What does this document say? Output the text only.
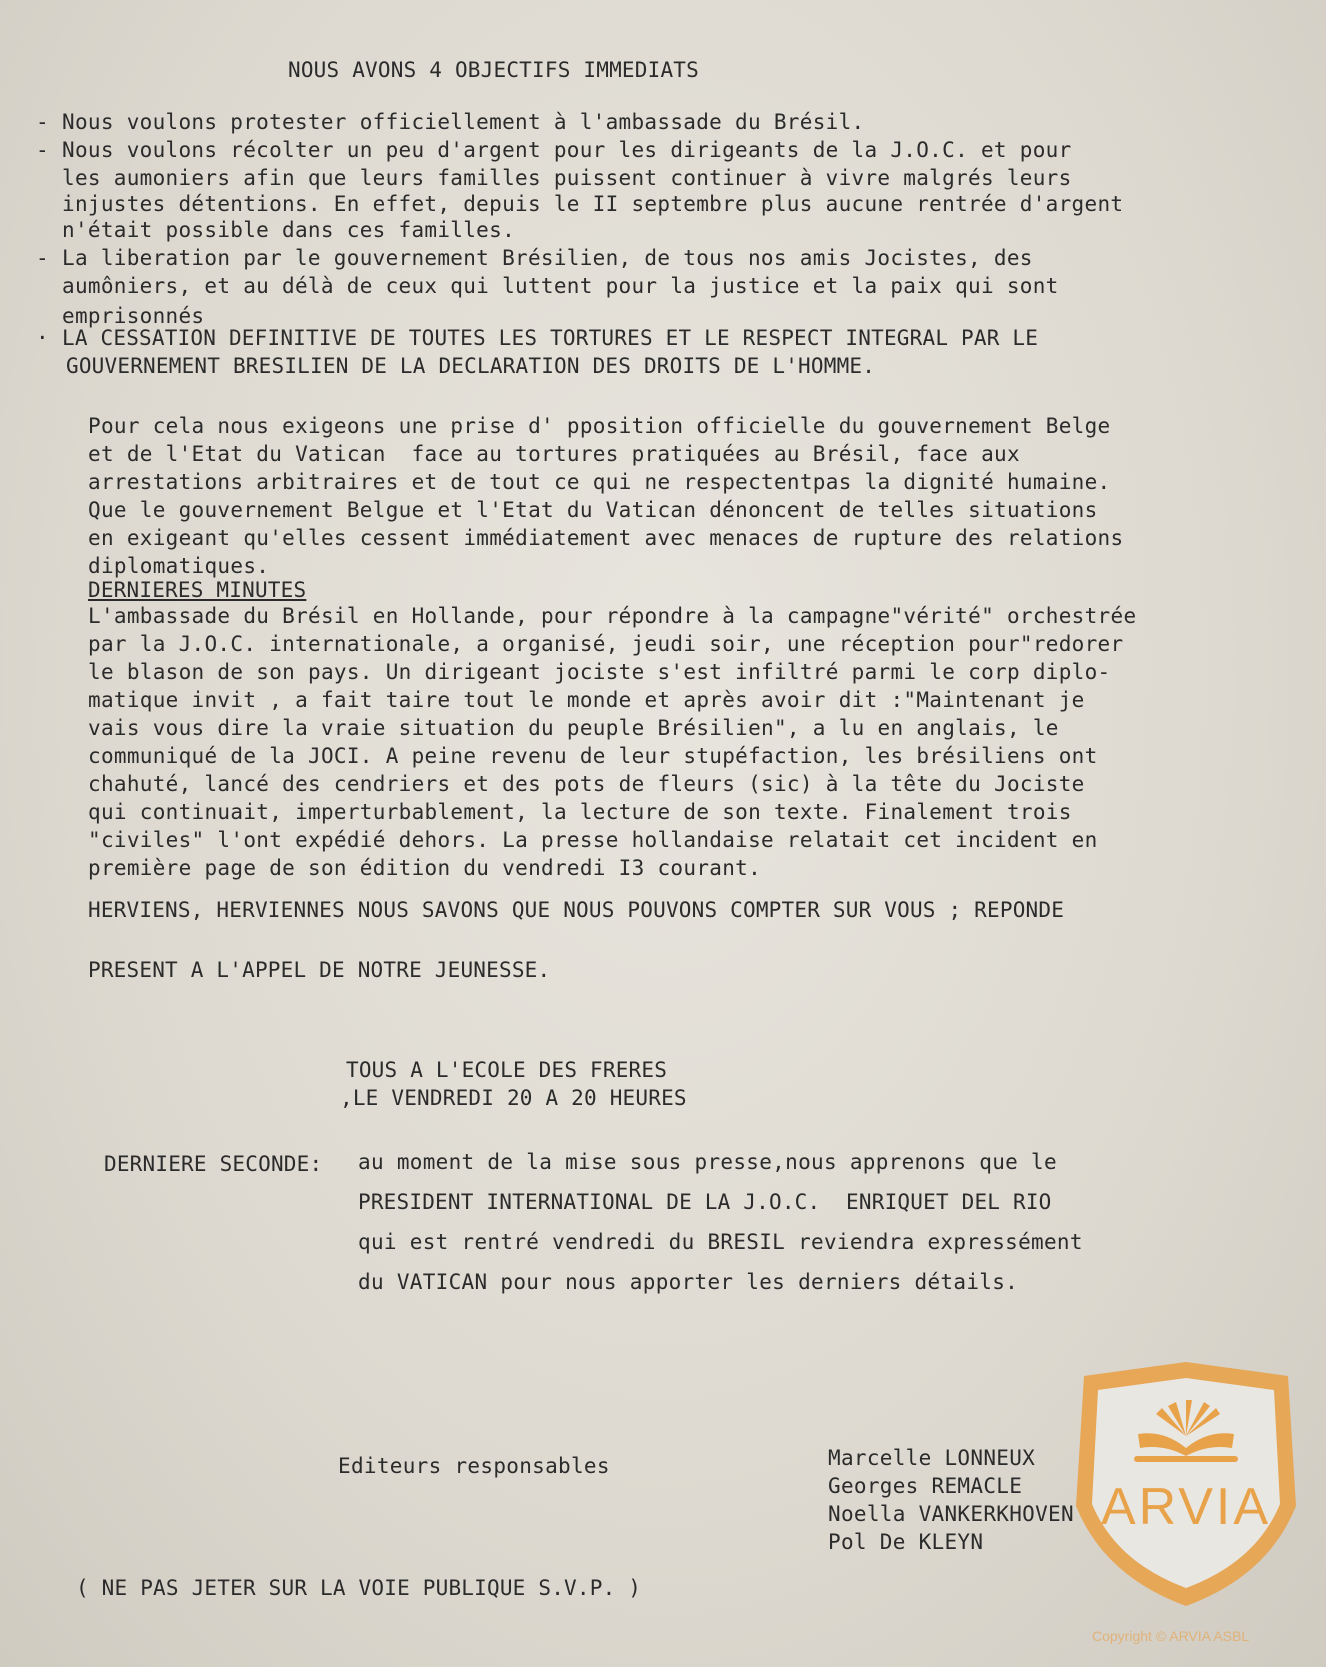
NOUS AVONS 4 OBJECTIFS IMMEDIATS
- Nous voulons protester officiellement à l'ambassade du Brésil.
- Nous voulons récolter un peu d'argent pour les dirigeants de la J.O.C. et pour
les aumoniers afin que leurs familles puissent continuer à vivre malgrés leurs
injustes détentions. En effet, depuis le II septembre plus aucune rentrée d'argent
n'était possible dans ces familles.
- La liberation par le gouvernement Brésilien, de tous nos amis Jocistes, des
aumôniers, et au délà de ceux qui luttent pour la justice et la paix qui sont
emprisonnés
· LA CESSATION DEFINITIVE DE TOUTES LES TORTURES ET LE RESPECT INTEGRAL PAR LE
GOUVERNEMENT BRESILIEN DE LA DECLARATION DES DROITS DE L'HOMME.
Pour cela nous exigeons une prise d' pposition officielle du gouvernement Belge
et de l'Etat du Vatican  face au tortures pratiquées au Brésil, face aux
arrestations arbitraires et de tout ce qui ne respectentpas la dignité humaine.
Que le gouvernement Belgue et l'Etat du Vatican dénoncent de telles situations
en exigeant qu'elles cessent immédiatement avec menaces de rupture des relations
diplomatiques.
DERNIERES MINUTES
L'ambassade du Brésil en Hollande, pour répondre à la campagne"vérité" orchestrée
par la J.O.C. internationale, a organisé, jeudi soir, une réception pour"redorer
le blason de son pays. Un dirigeant jociste s'est infiltré parmi le corp diplo-
matique invit , a fait taire tout le monde et après avoir dit :"Maintenant je
vais vous dire la vraie situation du peuple Brésilien", a lu en anglais, le
communiqué de la JOCI. A peine revenu de leur stupéfaction, les brésiliens ont
chahuté, lancé des cendriers et des pots de fleurs (sic) à la tête du Jociste
qui continuait, imperturbablement, la lecture de son texte. Finalement trois
"civiles" l'ont expédié dehors. La presse hollandaise relatait cet incident en
première page de son édition du vendredi I3 courant.
HERVIENS, HERVIENNES NOUS SAVONS QUE NOUS POUVONS COMPTER SUR VOUS ; REPONDE
PRESENT A L'APPEL DE NOTRE JEUNESSE.
TOUS A L'ECOLE DES FRERES
,LE VENDREDI 20 A 20 HEURES
DERNIERE SECONDE: au moment de la mise sous presse,nous apprenons que le
PRESIDENT INTERNATIONAL DE LA J.O.C.  ENRIQUET DEL RIO
qui est rentré vendredi du BRESIL reviendra expressément
du VATICAN pour nous apporter les derniers détails.
Editeurs responsables	Marcelle LONNEUX
Georges REMACLE
Noella VANKERKHOVEN
Pol De KLEYN
( NE PAS JETER SUR LA VOIE PUBLIQUE S.V.P. )
ARVIA
Copyright © ARVIA ASBL
